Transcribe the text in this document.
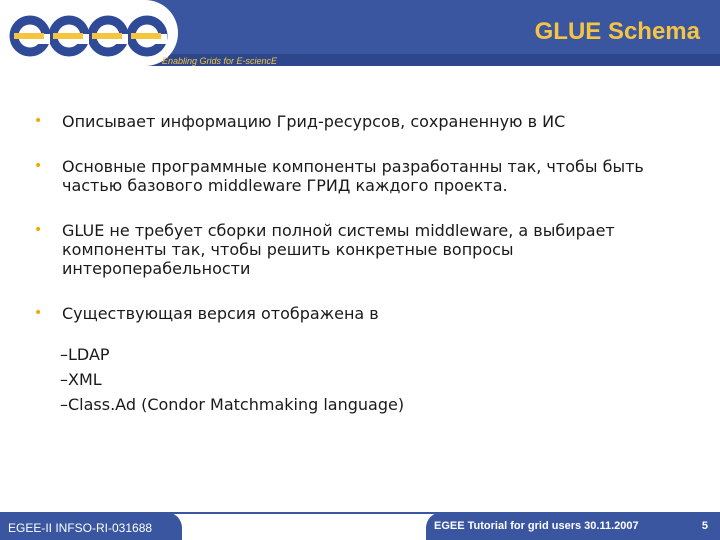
Enabling Grids for E-sciencE
GLUE Schema
• Описывает информацию Грид-ресурсов, сохраненную в ИС
• Основные программные компоненты разработанны так, чтобы быть частью базового middleware ГРИД каждого проекта.
• GLUE не требует сборки полной системы middleware, а выбирает компоненты так, чтобы решить конкретные вопросы интероперабельности
• Существующая версия отображена в
–LDAP
–XML
–Class.Ad (Condor Matchmaking language)
EGEE-II INFSO-RI-031688	EGEE Tutorial for grid users 30.11.2007	5
